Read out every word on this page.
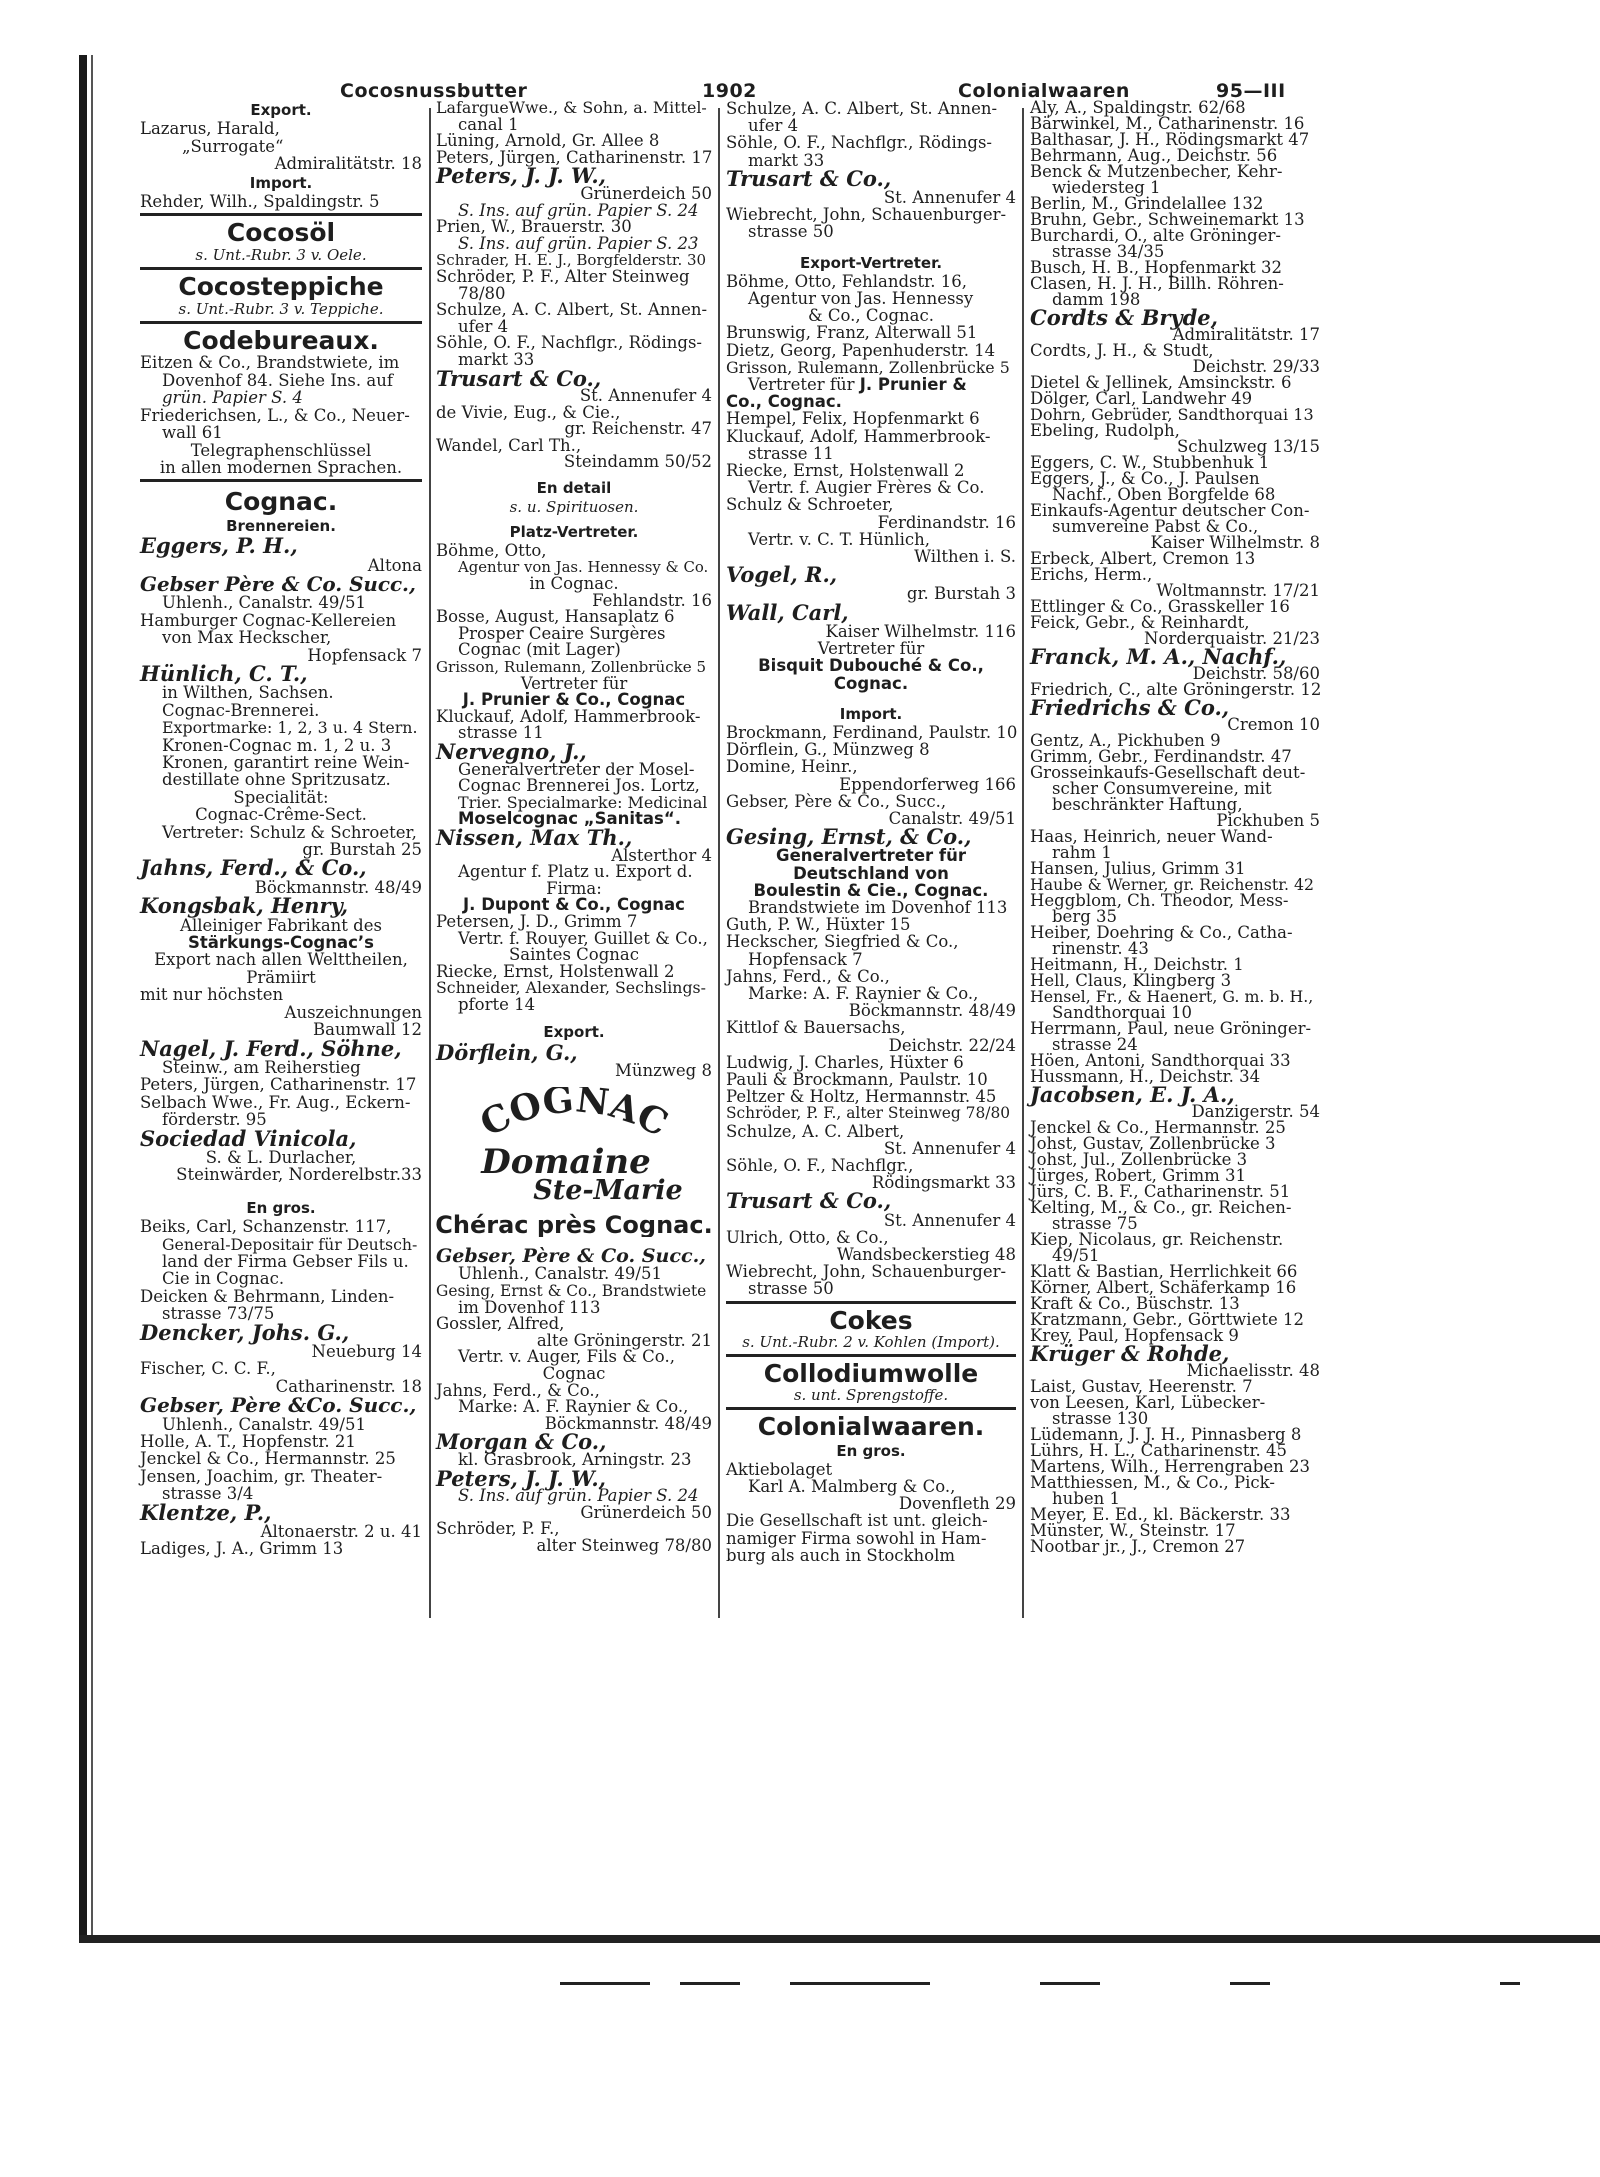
Cocosnussbutter	1902	Colonialwaaren	95—III
Export.
Lazarus, Harald,
„Surrogate“
Admiralitätstr. 18
Import.
Rehder, Wilh., Spaldingstr. 5
Cocosöl
s. Unt.-Rubr. 3 v. Oele.
Cocosteppiche
s. Unt.-Rubr. 3 v. Teppiche.
Codebureaux.
Eitzen & Co., Brandstwiete, im
Dovenhof 84. Siehe Ins. auf
grün. Papier S. 4
Friederichsen, L., & Co., Neuer-
wall 61
Telegraphenschlüssel
in allen modernen Sprachen.
Cognac.
Brennereien.
Eggers, P. H.,
Altona
Gebser Père & Co. Succ.,
Uhlenh., Canalstr. 49/51
Hamburger Cognac-Kellereien
von Max Heckscher,
Hopfensack 7
Hünlich, C. T.,
in Wilthen, Sachsen.
Cognac-Brennerei.
Exportmarke: 1, 2, 3 u. 4 Stern.
Kronen-Cognac m. 1, 2 u. 3
Kronen, garantirt reine Wein-
destillate ohne Spritzusatz.
Specialität:
Cognac-Crême-Sect.
Vertreter: Schulz & Schroeter,
gr. Burstah 25
Jahns, Ferd., & Co.,
Böckmannstr. 48/49
Kongsbak, Henry,
Alleiniger Fabrikant des
Stärkungs-Cognac’s
Export nach allen Welttheilen,
Prämiirt
mit nur höchsten
Auszeichnungen
Baumwall 12
Nagel, J. Ferd., Söhne,
Steinw., am Reiherstieg
Peters, Jürgen, Catharinenstr. 17
Selbach Wwe., Fr. Aug., Eckern-
förderstr. 95
Sociedad Vinicola,
S. & L. Durlacher,
Steinwärder, Norderelbstr.33
En gros.
Beiks, Carl, Schanzenstr. 117,
General-Depositair für Deutsch-
land der Firma Gebser Fils u.
Cie in Cognac.
Deicken & Behrmann, Linden-
strasse 73/75
Dencker, Johs. G.,
Neueburg 14
Fischer, C. C. F.,
Catharinenstr. 18
Gebser, Père &Co. Succ.,
Uhlenh., Canalstr. 49/51
Holle, A. T., Hopfenstr. 21
Jenckel & Co., Hermannstr. 25
Jensen, Joachim, gr. Theater-
strasse 3/4
Klentze, P.,
Altonaerstr. 2 u. 41
Ladiges, J. A., Grimm 13
LafargueWwe., & Sohn, a. Mittel-
canal 1
Lüning, Arnold, Gr. Allee 8
Peters, Jürgen, Catharinenstr. 17
Peters, J. J. W.,
Grünerdeich 50
S. Ins. auf grün. Papier S. 24
Prien, W., Brauerstr. 30
S. Ins. auf grün. Papier S. 23
Schrader, H. E. J., Borgfelderstr. 30
Schröder, P. F., Alter Steinweg
78/80
Schulze, A. C. Albert, St. Annen-
ufer 4
Söhle, O. F., Nachflgr., Rödings-
markt 33
Trusart & Co.,
St. Annenufer 4
de Vivie, Eug., & Cie.,
gr. Reichenstr. 47
Wandel, Carl Th.,
Steindamm 50/52
En detail
s. u. Spirituosen.
Platz-Vertreter.
Böhme, Otto,
Agentur von Jas. Hennessy & Co.
in Cognac.
Fehlandstr. 16
Bosse, August, Hansaplatz 6
Prosper Ceaire Surgères
Cognac (mit Lager)
Grisson, Rulemann, Zollenbrücke 5
Vertreter für
J. Prunier & Co., Cognac
Kluckauf, Adolf, Hammerbrook-
strasse 11
Nervegno, J.,
Generalvertreter der Mosel-
Cognac Brennerei Jos. Lortz,
Trier. Specialmarke: Medicinal
Moselcognac „Sanitas“.
Nissen, Max Th.,
Alsterthor 4
Agentur f. Platz u. Export d.
Firma:
J. Dupont & Co., Cognac
Petersen, J. D., Grimm 7
Vertr. f. Rouyer, Guillet & Co.,
Saintes Cognac
Riecke, Ernst, Holstenwall 2
Schneider, Alexander, Sechslings-
pforte 14
Export.
Dörflein, G.,
Münzweg 8
COGNAC
Domaine
Ste-Marie
Chérac près Cognac.
Gebser, Père & Co. Succ.,
Uhlenh., Canalstr. 49/51
Gesing, Ernst & Co., Brandstwiete
im Dovenhof 113
Gossler, Alfred,
alte Gröningerstr. 21
Vertr. v. Auger, Fils & Co.,
Cognac
Jahns, Ferd., & Co.,
Marke: A. F. Raynier & Co.,
Böckmannstr. 48/49
Morgan & Co.,
kl. Grasbrook, Arningstr. 23
Peters, J. J. W.,
S. Ins. auf grün. Papier S. 24
Grünerdeich 50
Schröder, P. F.,
alter Steinweg 78/80
Schulze, A. C. Albert, St. Annen-
ufer 4
Söhle, O. F., Nachflgr., Rödings-
markt 33
Trusart & Co.,
St. Annenufer 4
Wiebrecht, John, Schauenburger-
strasse 50
Export-Vertreter.
Böhme, Otto, Fehlandstr. 16,
Agentur von Jas. Hennessy
& Co., Cognac.
Brunswig, Franz, Alterwall 51
Dietz, Georg, Papenhuderstr. 14
Grisson, Rulemann, Zollenbrücke 5
Vertreter für J. Prunier &
Co., Cognac.
Hempel, Felix, Hopfenmarkt 6
Kluckauf, Adolf, Hammerbrook-
strasse 11
Riecke, Ernst, Holstenwall 2
Vertr. f. Augier Frères & Co.
Schulz & Schroeter,
Ferdinandstr. 16
Vertr. v. C. T. Hünlich,
Wilthen i. S.
Vogel, R.,
gr. Burstah 3
Wall, Carl,
Kaiser Wilhelmstr. 116
Vertreter für
Bisquit Dubouché & Co.,
Cognac.
Import.
Brockmann, Ferdinand, Paulstr. 10
Dörflein, G., Münzweg 8
Domine, Heinr.,
Eppendorferweg 166
Gebser, Père & Co., Succ.,
Canalstr. 49/51
Gesing, Ernst, & Co.,
Generalvertreter für
Deutschland von
Boulestin & Cie., Cognac.
Brandstwiete im Dovenhof 113
Guth, P. W., Hüxter 15
Heckscher, Siegfried & Co.,
Hopfensack 7
Jahns, Ferd., & Co.,
Marke: A. F. Raynier & Co.,
Böckmannstr. 48/49
Kittlof & Bauersachs,
Deichstr. 22/24
Ludwig, J. Charles, Hüxter 6
Pauli & Brockmann, Paulstr. 10
Peltzer & Holtz, Hermannstr. 45
Schröder, P. F., alter Steinweg 78/80
Schulze, A. C. Albert,
St. Annenufer 4
Söhle, O. F., Nachflgr.,
Rödingsmarkt 33
Trusart & Co.,
St. Annenufer 4
Ulrich, Otto, & Co.,
Wandsbeckerstieg 48
Wiebrecht, John, Schauenburger-
strasse 50
Cokes
s. Unt.-Rubr. 2 v. Kohlen (Import).
Collodiumwolle
s. unt. Sprengstoffe.
Colonialwaaren.
En gros.
Aktiebolaget
Karl A. Malmberg & Co.,
Dovenfleth 29
Die Gesellschaft ist unt. gleich-
namiger Firma sowohl in Ham-
burg als auch in Stockholm
Aly, A., Spaldingstr. 62/68
Bärwinkel, M., Catharinenstr. 16
Balthasar, J. H., Rödingsmarkt 47
Behrmann, Aug., Deichstr. 56
Benck & Mutzenbecher, Kehr-
wiedersteg 1
Berlin, M., Grindelallee 132
Bruhn, Gebr., Schweinemarkt 13
Burchardi, O., alte Gröninger-
strasse 34/35
Busch, H. B., Hopfenmarkt 32
Clasen, H. J. H., Billh. Röhren-
damm 198
Cordts & Bryde,
Admiralitätstr. 17
Cordts, J. H., & Studt,
Deichstr. 29/33
Dietel & Jellinek, Amsinckstr. 6
Dölger, Carl, Landwehr 49
Dohrn, Gebrüder, Sandthorquai 13
Ebeling, Rudolph,
Schulzweg 13/15
Eggers, C. W., Stubbenhuk 1
Eggers, J., & Co., J. Paulsen
Nachf., Oben Borgfelde 68
Einkaufs-Agentur deutscher Con-
sumvereine Pabst & Co.,
Kaiser Wilhelmstr. 8
Erbeck, Albert, Cremon 13
Erichs, Herm.,
Woltmannstr. 17/21
Ettlinger & Co., Grasskeller 16
Feick, Gebr., & Reinhardt,
Norderquaistr. 21/23
Franck, M. A., Nachf.,
Deichstr. 58/60
Friedrich, C., alte Gröningerstr. 12
Friedrichs & Co.,
Cremon 10
Gentz, A., Pickhuben 9
Grimm, Gebr., Ferdinandstr. 47
Grosseinkaufs-Gesellschaft deut-
scher Consumvereine, mit
beschränkter Haftung,
Pickhuben 5
Haas, Heinrich, neuer Wand-
rahm 1
Hansen, Julius, Grimm 31
Haube & Werner, gr. Reichenstr. 42
Heggblom, Ch. Theodor, Mess-
berg 35
Heiber, Doehring & Co., Catha-
rinenstr. 43
Heitmann, H., Deichstr. 1
Hell, Claus, Klingberg 3
Hensel, Fr., & Haenert, G. m. b. H.,
Sandthorquai 10
Herrmann, Paul, neue Gröninger-
strasse 24
Höen, Antoni, Sandthorquai 33
Hussmann, H., Deichstr. 34
Jacobsen, E. J. A.,
Danzigerstr. 54
Jenckel & Co., Hermannstr. 25
Johst, Gustav, Zollenbrücke 3
Johst, Jul., Zollenbrücke 3
Jürges, Robert, Grimm 31
Jürs, C. B. F., Catharinenstr. 51
Kelting, M., & Co., gr. Reichen-
strasse 75
Kiep, Nicolaus, gr. Reichenstr.
49/51
Klatt & Bastian, Herrlichkeit 66
Körner, Albert, Schäferkamp 16
Kraft & Co., Büschstr. 13
Kratzmann, Gebr., Görttwiete 12
Krey, Paul, Hopfensack 9
Krüger & Rohde,
Michaelisstr. 48
Laist, Gustav, Heerenstr. 7
von Leesen, Karl, Lübecker-
strasse 130
Lüdemann, J. J. H., Pinnasberg 8
Lührs, H. L., Catharinenstr. 45
Martens, Wilh., Herrengraben 23
Matthiessen, M., & Co., Pick-
huben 1
Meyer, E. Ed., kl. Bäckerstr. 33
Münster, W., Steinstr. 17
Nootbar jr., J., Cremon 27
